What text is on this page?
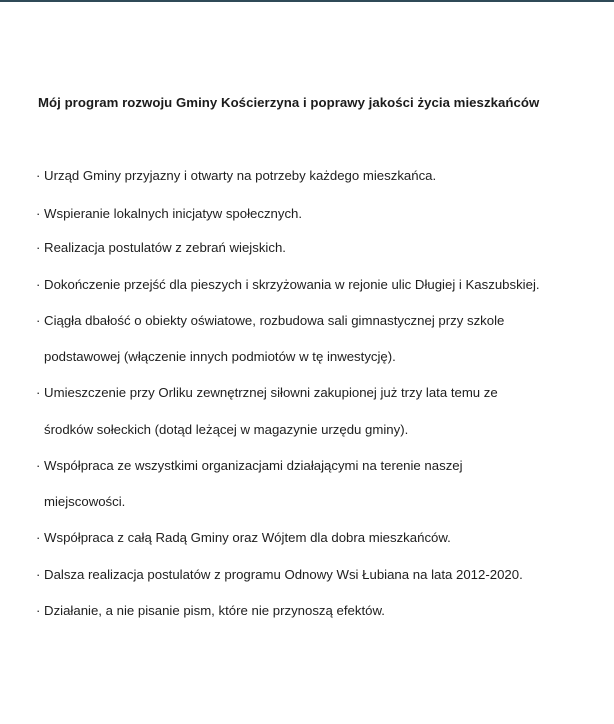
Mój program rozwoju Gminy Kościerzyna i poprawy jakości życia mieszkańców
· Urząd Gminy przyjazny i otwarty na potrzeby każdego mieszkańca.
· Wspieranie lokalnych inicjatyw społecznych.
· Realizacja postulatów z zebrań wiejskich.
· Dokończenie przejść dla pieszych i skrzyżowania w rejonie ulic Długiej i Kaszubskiej.
· Ciągła dbałość o obiekty oświatowe, rozbudowa sali gimnastycznej przy szkole
podstawowej (włączenie innych podmiotów w tę inwestycję).
· Umieszczenie przy Orliku zewnętrznej siłowni zakupionej już trzy lata temu ze
środków sołeckich (dotąd leżącej w magazynie urzędu gminy).
· Współpraca ze wszystkimi organizacjami działającymi na terenie naszej
miejscowości.
· Współpraca z całą Radą Gminy oraz Wójtem dla dobra mieszkańców.
· Dalsza realizacja postulatów z programu Odnowy Wsi Łubiana na lata 2012-2020.
· Działanie, a nie pisanie pism, które nie przynoszą efektów.
